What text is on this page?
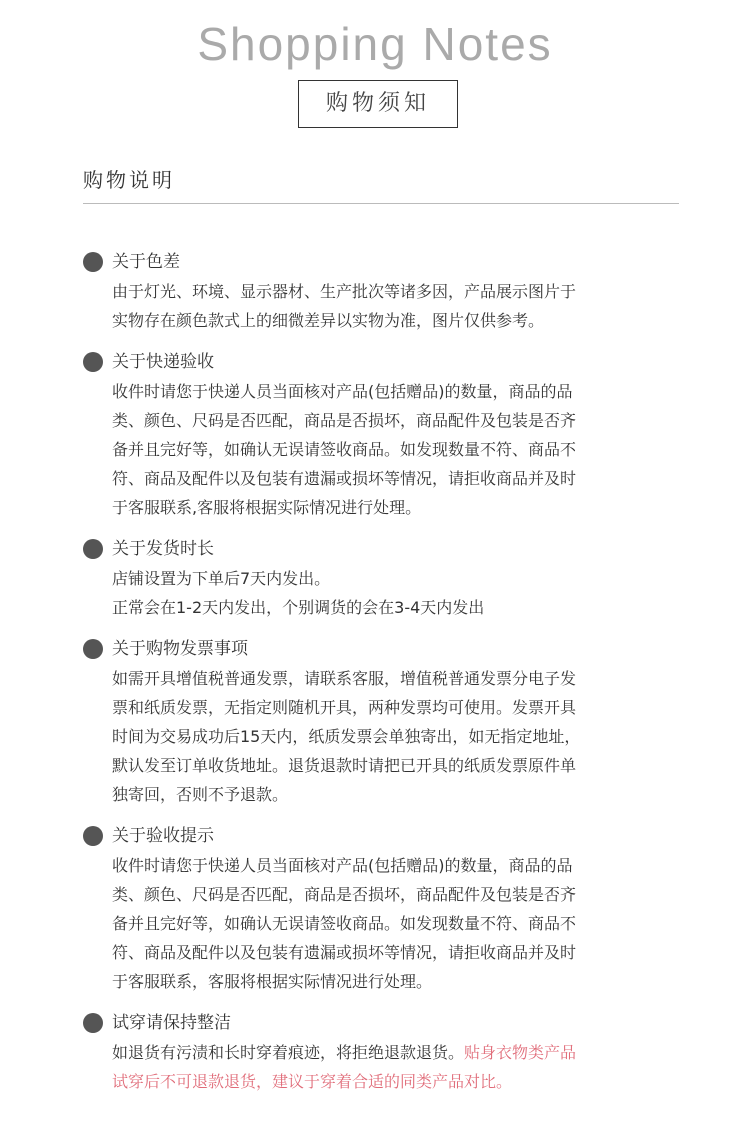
Shopping Notes
购物须知
购物说明
关于色差
由于灯光、环境、显示器材、生产批次等诸多因，产品展示图片于
实物存在颜色款式上的细微差异以实物为准，图片仅供参考。
关于快递验收
收件时请您于快递人员当面核对产品(包括赠品)的数量，商品的品
类、颜色、尺码是否匹配，商品是否损坏，商品配件及包装是否齐
备并且完好等，如确认无误请签收商品。如发现数量不符、商品不
符、商品及配件以及包装有遗漏或损坏等情况，请拒收商品并及时
于客服联系,客服将根据实际情况进行处理。
关于发货时长
店铺设置为下单后7天内发出。
正常会在1-2天内发出，个别调货的会在3-4天内发出
关于购物发票事项
如需开具增值税普通发票，请联系客服，增值税普通发票分电子发
票和纸质发票，无指定则随机开具，两种发票均可使用。发票开具
时间为交易成功后15天内，纸质发票会单独寄出，如无指定地址，
默认发至订单收货地址。退货退款时请把已开具的纸质发票原件单
独寄回，否则不予退款。
关于验收提示
收件时请您于快递人员当面核对产品(包括赠品)的数量，商品的品
类、颜色、尺码是否匹配，商品是否损坏，商品配件及包装是否齐
备并且完好等，如确认无误请签收商品。如发现数量不符、商品不
符、商品及配件以及包装有遗漏或损坏等情况，请拒收商品并及时
于客服联系，客服将根据实际情况进行处理。
试穿请保持整洁
如退货有污渍和长时穿着痕迹，将拒绝退款退货。贴身衣物类产品
试穿后不可退款退货，建议于穿着合适的同类产品对比。
